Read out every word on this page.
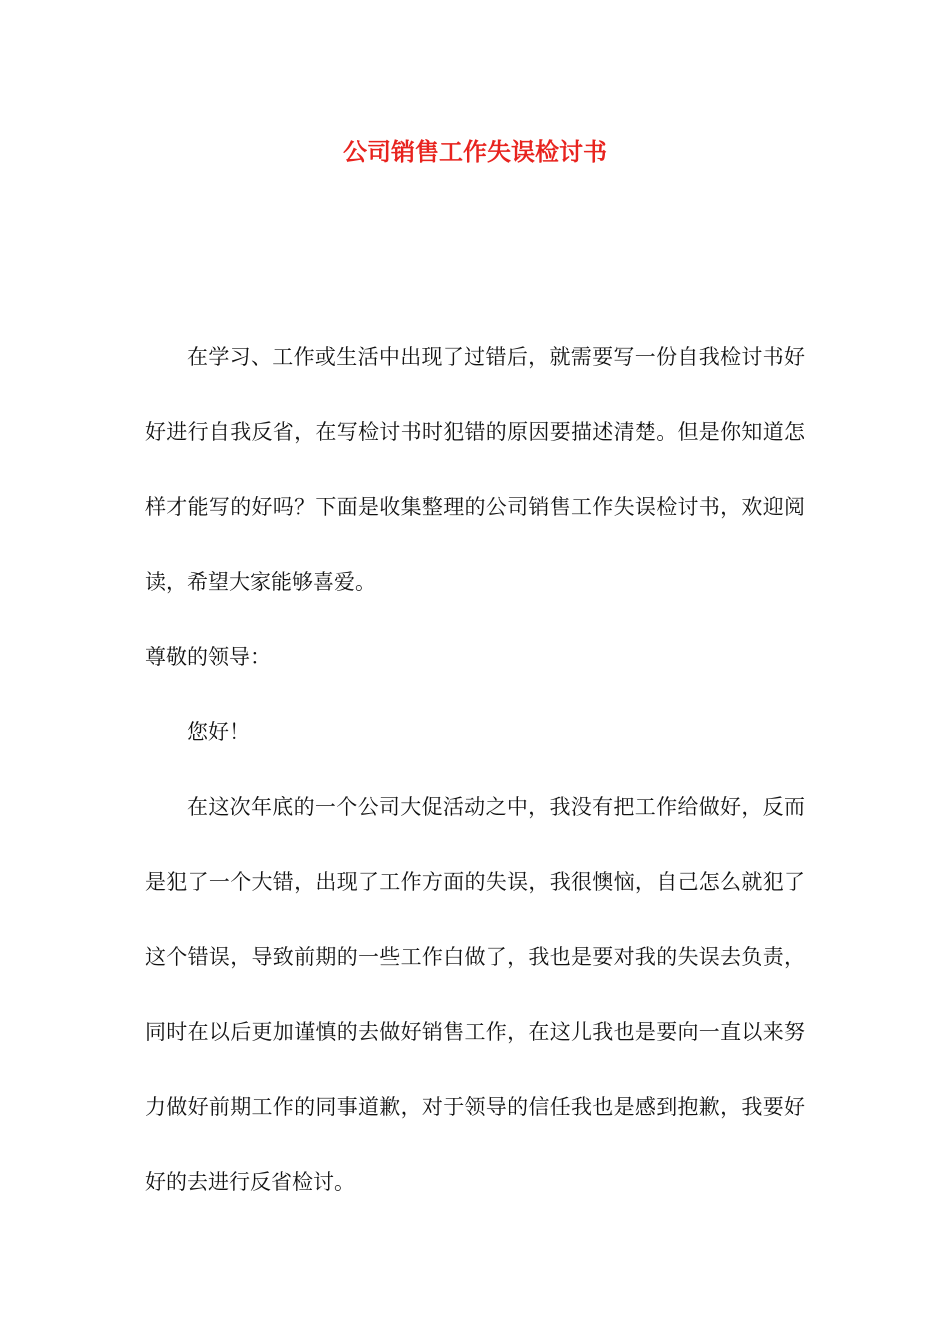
公司销售工作失误检讨书

在学习、工作或生活中出现了过错后，就需要写一份自我检讨书好好进行自我反省，在写检讨书时犯错的原因要描述清楚。但是你知道怎样才能写的好吗？下面是收集整理的公司销售工作失误检讨书，欢迎阅读，希望大家能够喜爱。

尊敬的领导：

您好！

在这次年底的一个公司大促活动之中，我没有把工作给做好，反而是犯了一个大错，出现了工作方面的失误，我很懊恼，自己怎么就犯了这个错误，导致前期的一些工作白做了，我也是要对我的失误去负责，同时在以后更加谨慎的去做好销售工作，在这儿我也是要向一直以来努力做好前期工作的同事道歉，对于领导的信任我也是感到抱歉，我要好好的去进行反省检讨。
